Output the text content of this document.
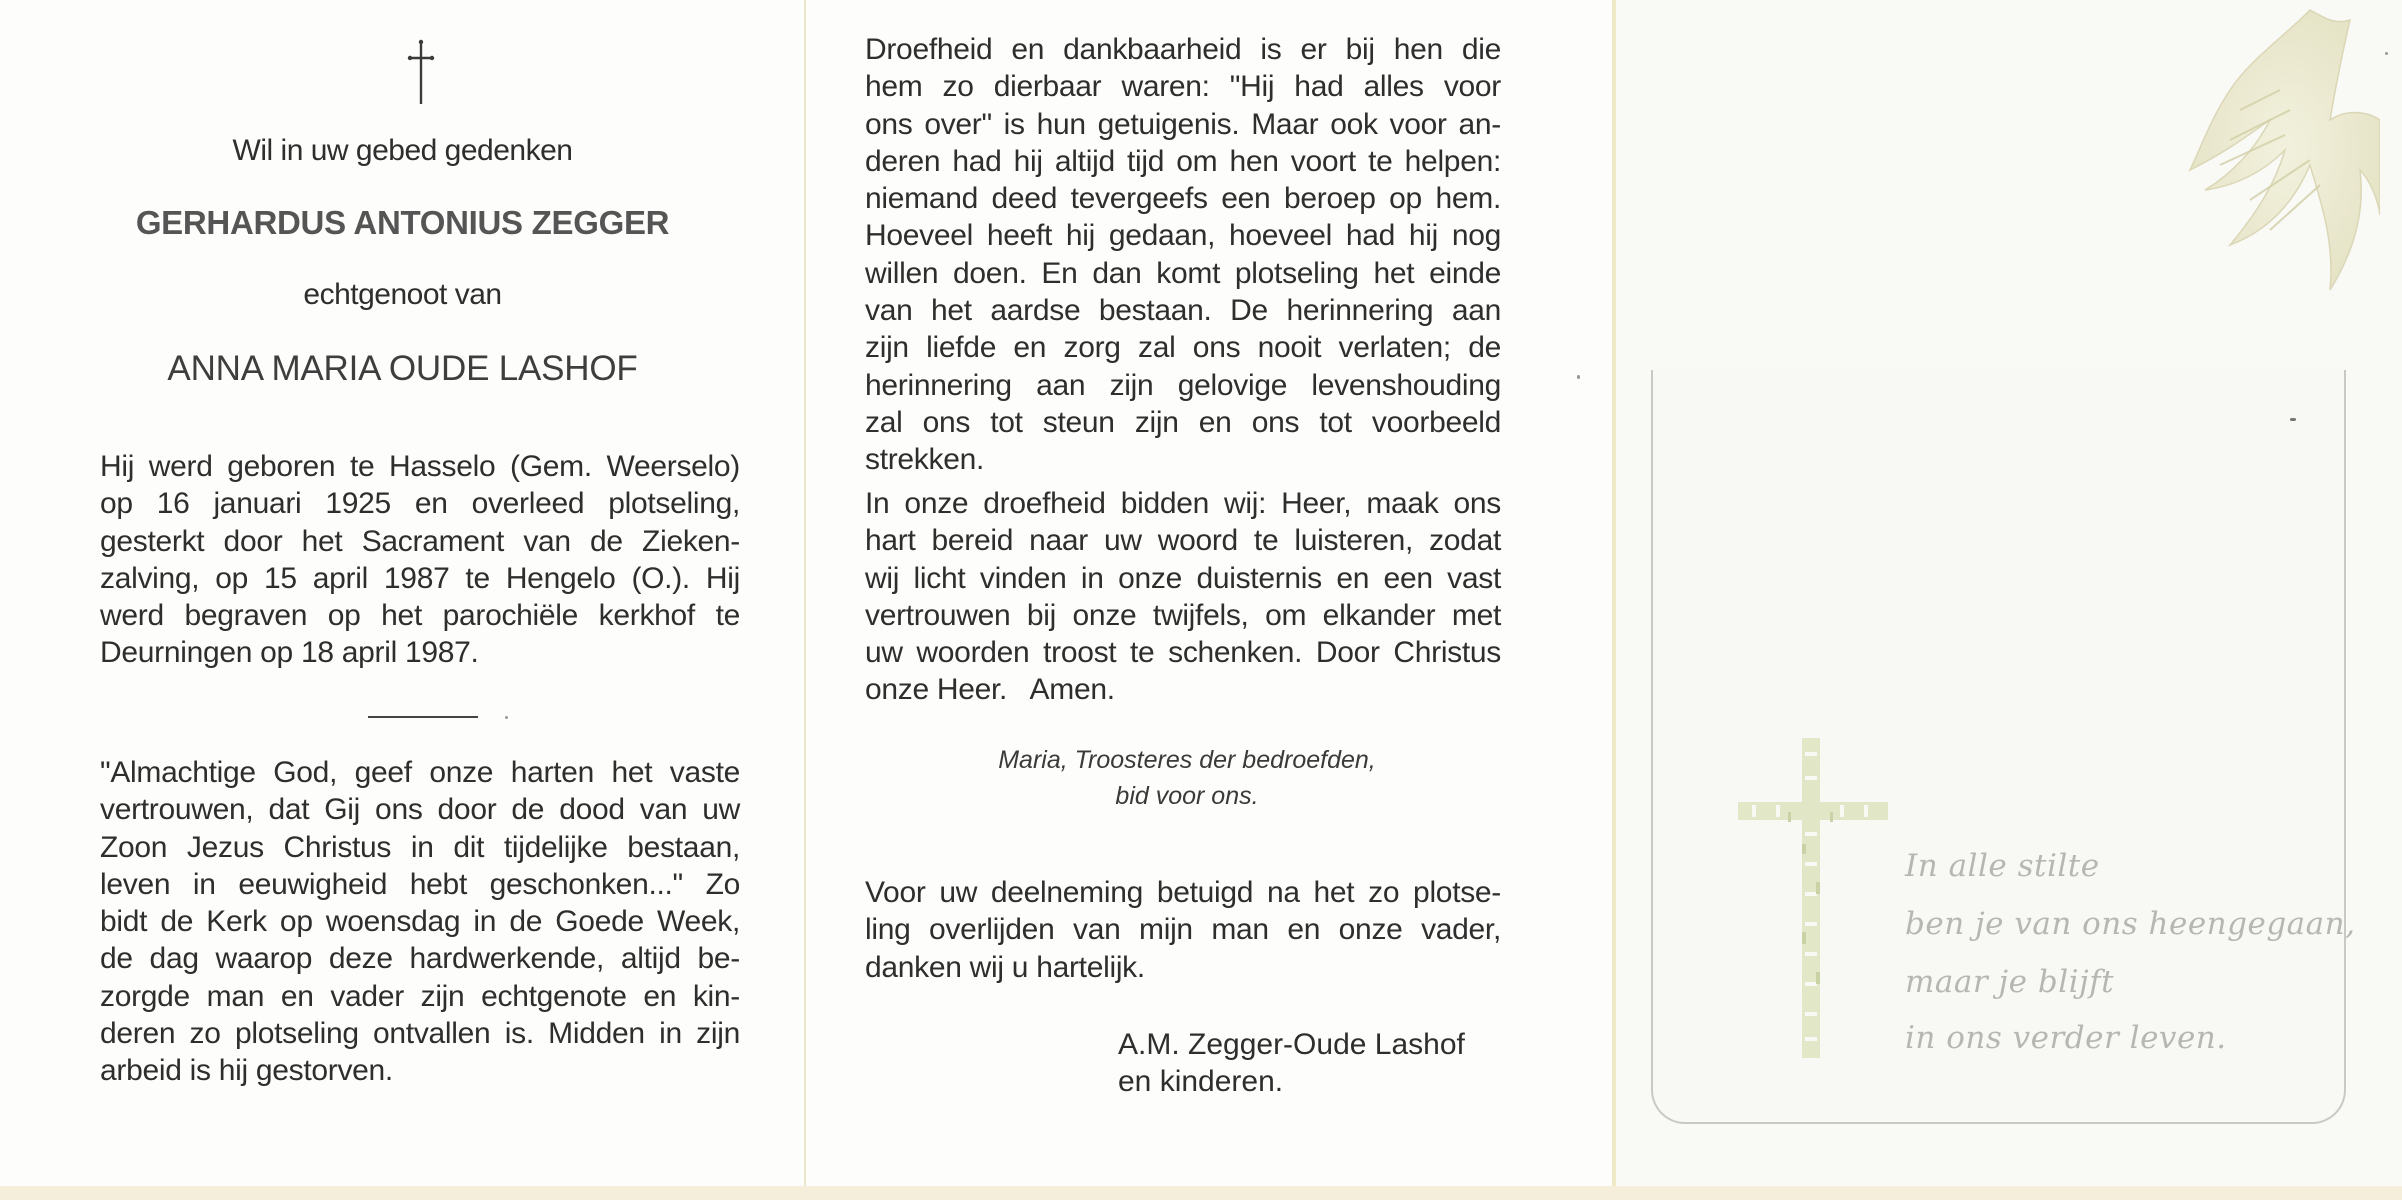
Wil in uw gebed gedenken
GERHARDUS ANTONIUS ZEGGER
echtgenoot van
ANNA MARIA OUDE LASHOF
Hij werd geboren te Hasselo (Gem. Weerselo)
op 16 januari 1925 en overleed plotseling,
gesterkt door het Sacrament van de Zieken-
zalving, op 15 april 1987 te Hengelo (O.). Hij
werd begraven op het parochiële kerkhof te
Deurningen op 18 april 1987.
"Almachtige God, geef onze harten het vaste
vertrouwen, dat Gij ons door de dood van uw
Zoon Jezus Christus in dit tijdelijke bestaan,
leven in eeuwigheid hebt geschonken..." Zo
bidt de Kerk op woensdag in de Goede Week,
de dag waarop deze hardwerkende, altijd be-
zorgde man en vader zijn echtgenote en kin-
deren zo plotseling ontvallen is. Midden in zijn
arbeid is hij gestorven.
Droefheid en dankbaarheid is er bij hen die
hem zo dierbaar waren: "Hij had alles voor
ons over" is hun getuigenis. Maar ook voor an-
deren had hij altijd tijd om hen voort te helpen:
niemand deed tevergeefs een beroep op hem.
Hoeveel heeft hij gedaan, hoeveel had hij nog
willen doen. En dan komt plotseling het einde
van het aardse bestaan. De herinnering aan
zijn liefde en zorg zal ons nooit verlaten; de
herinnering aan zijn gelovige levenshouding
zal ons tot steun zijn en ons tot voorbeeld
strekken.
In onze droefheid bidden wij: Heer, maak ons
hart bereid naar uw woord te luisteren, zodat
wij licht vinden in onze duisternis en een vast
vertrouwen bij onze twijfels, om elkander met
uw woorden troost te schenken. Door Christus
onze Heer.   Amen.
Maria, Troosteres der bedroefden,
bid voor ons.
Voor uw deelneming betuigd na het zo plotse-
ling overlijden van mijn man en onze vader,
danken wij u hartelijk.
A.M. Zegger-Oude Lashof
en kinderen.
In alle stilte
ben je van ons heengegaan,
maar je blijft
in ons verder leven.
